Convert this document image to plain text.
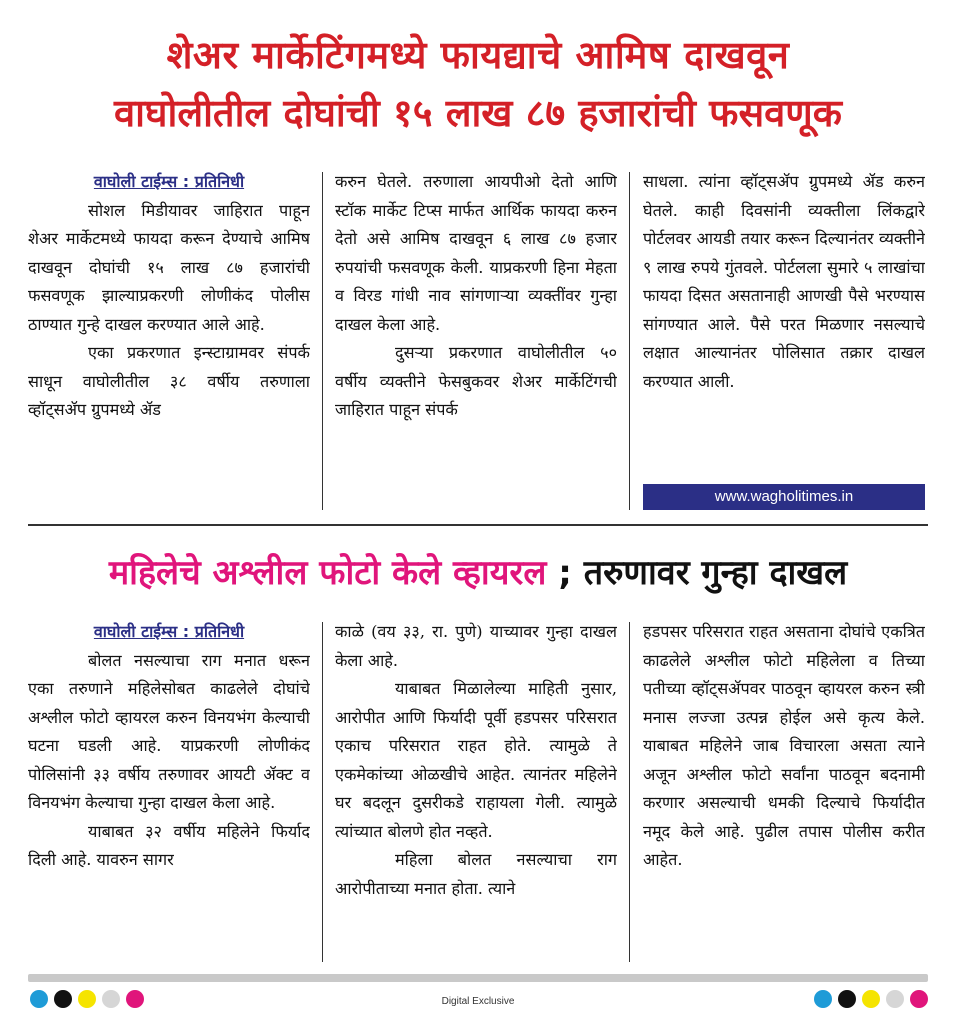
शेअर मार्केटिंगमध्ये फायद्याचे आमिष दाखवून
वाघोलीतील दोघांची १५ लाख ८७ हजारांची फसवणूक
वाघोली टाईम्स : प्रतिनिधी

सोशल मिडीयावर जाहिरात पाहून शेअर मार्केटमध्ये फायदा करून देण्याचे आमिष दाखवून दोघांची १५ लाख ८७ हजारांची फसवणूक झाल्याप्रकरणी लोणीकंद पोलीस ठाण्यात गुन्हे दाखल करण्यात आले आहे.

एका प्रकरणात इन्स्टाग्रामवर संपर्क साधून वाघोलीतील ३८ वर्षीय तरुणाला व्हॉट्सॲप ग्रुपमध्ये ॲड

करुन घेतले. तरुणाला आयपीओ देतो आणि स्टॉक मार्केट टिप्स मार्फत आर्थिक फायदा करुन देतो असे आमिष दाखवून ६ लाख ८७ हजार रुपयांची फसवणूक केली. याप्रकरणी हिना मेहता व विरड गांधी नाव सांगणाऱ्या व्यक्तींवर गुन्हा दाखल केला आहे.

दुसऱ्या प्रकरणात वाघोलीतील ५० वर्षीय व्यक्तीने फेसबुकवर शेअर मार्केटिंगची जाहिरात पाहून संपर्क

साधला. त्यांना व्हॉट्सॲप ग्रुपमध्ये ॲड करुन घेतले. काही दिवसांनी व्यक्तीला लिंकद्वारे पोर्टलवर आयडी तयार करून दिल्यानंतर व्यक्तीने ९ लाख रुपये गुंतवले. पोर्टलला सुमारे ५ लाखांचा फायदा दिसत असतानाही आणखी पैसे भरण्यास सांगण्यात आले. पैसे परत मिळणार नसल्याचे लक्षात आल्यानंतर पोलिसात तक्रार दाखल करण्यात आली.

www.wagholitimes.in
महिलेचे अश्लील फोटो केले व्हायरल ; तरुणावर गुन्हा दाखल
वाघोली टाईम्स : प्रतिनिधी

बोलत नसल्याचा राग मनात धरून एका तरुणाने महिलेसोबत काढलेले दोघांचे अश्लील फोटो व्हायरल करुन विनयभंग केल्याची घटना घडली आहे. याप्रकरणी लोणीकंद पोलिसांनी ३३ वर्षीय तरुणावर आयटी ॲक्ट व विनयभंग केल्याचा गुन्हा दाखल केला आहे.

याबाबत ३२ वर्षीय महिलेने फिर्याद दिली आहे. यावरुन सागर

काळे (वय ३३, रा. पुणे) याच्यावर गुन्हा दाखल केला आहे.

याबाबत मिळालेल्या माहिती नुसार, आरोपीत आणि फिर्यादी पूर्वी हडपसर परिसरात एकाच परिसरात राहत होते. त्यामुळे ते एकमेकांच्या ओळखीचे आहेत. त्यानंतर महिलेने घर बदलून दुसरीकडे राहायला गेली. त्यामुळे त्यांच्यात बोलणे होत नव्हते.

महिला बोलत नसल्याचा राग आरोपीताच्या मनात होता. त्याने

हडपसर परिसरात राहत असताना दोघांचे एकत्रित काढलेले अश्लील फोटो महिलेला व तिच्या पतीच्या व्हॉट्सॲपवर पाठवून व्हायरल करुन स्त्री मनास लज्जा उत्पन्न होईल असे कृत्य केले. याबाबत महिलेने जाब विचारला असता त्याने अजून अश्लील फोटो सर्वांना पाठवून बदनामी करणार असल्याची धमकी दिल्याचे फिर्यादीत नमूद केले आहे. पुढील तपास पोलीस करीत आहेत.

Digital Exclusive
